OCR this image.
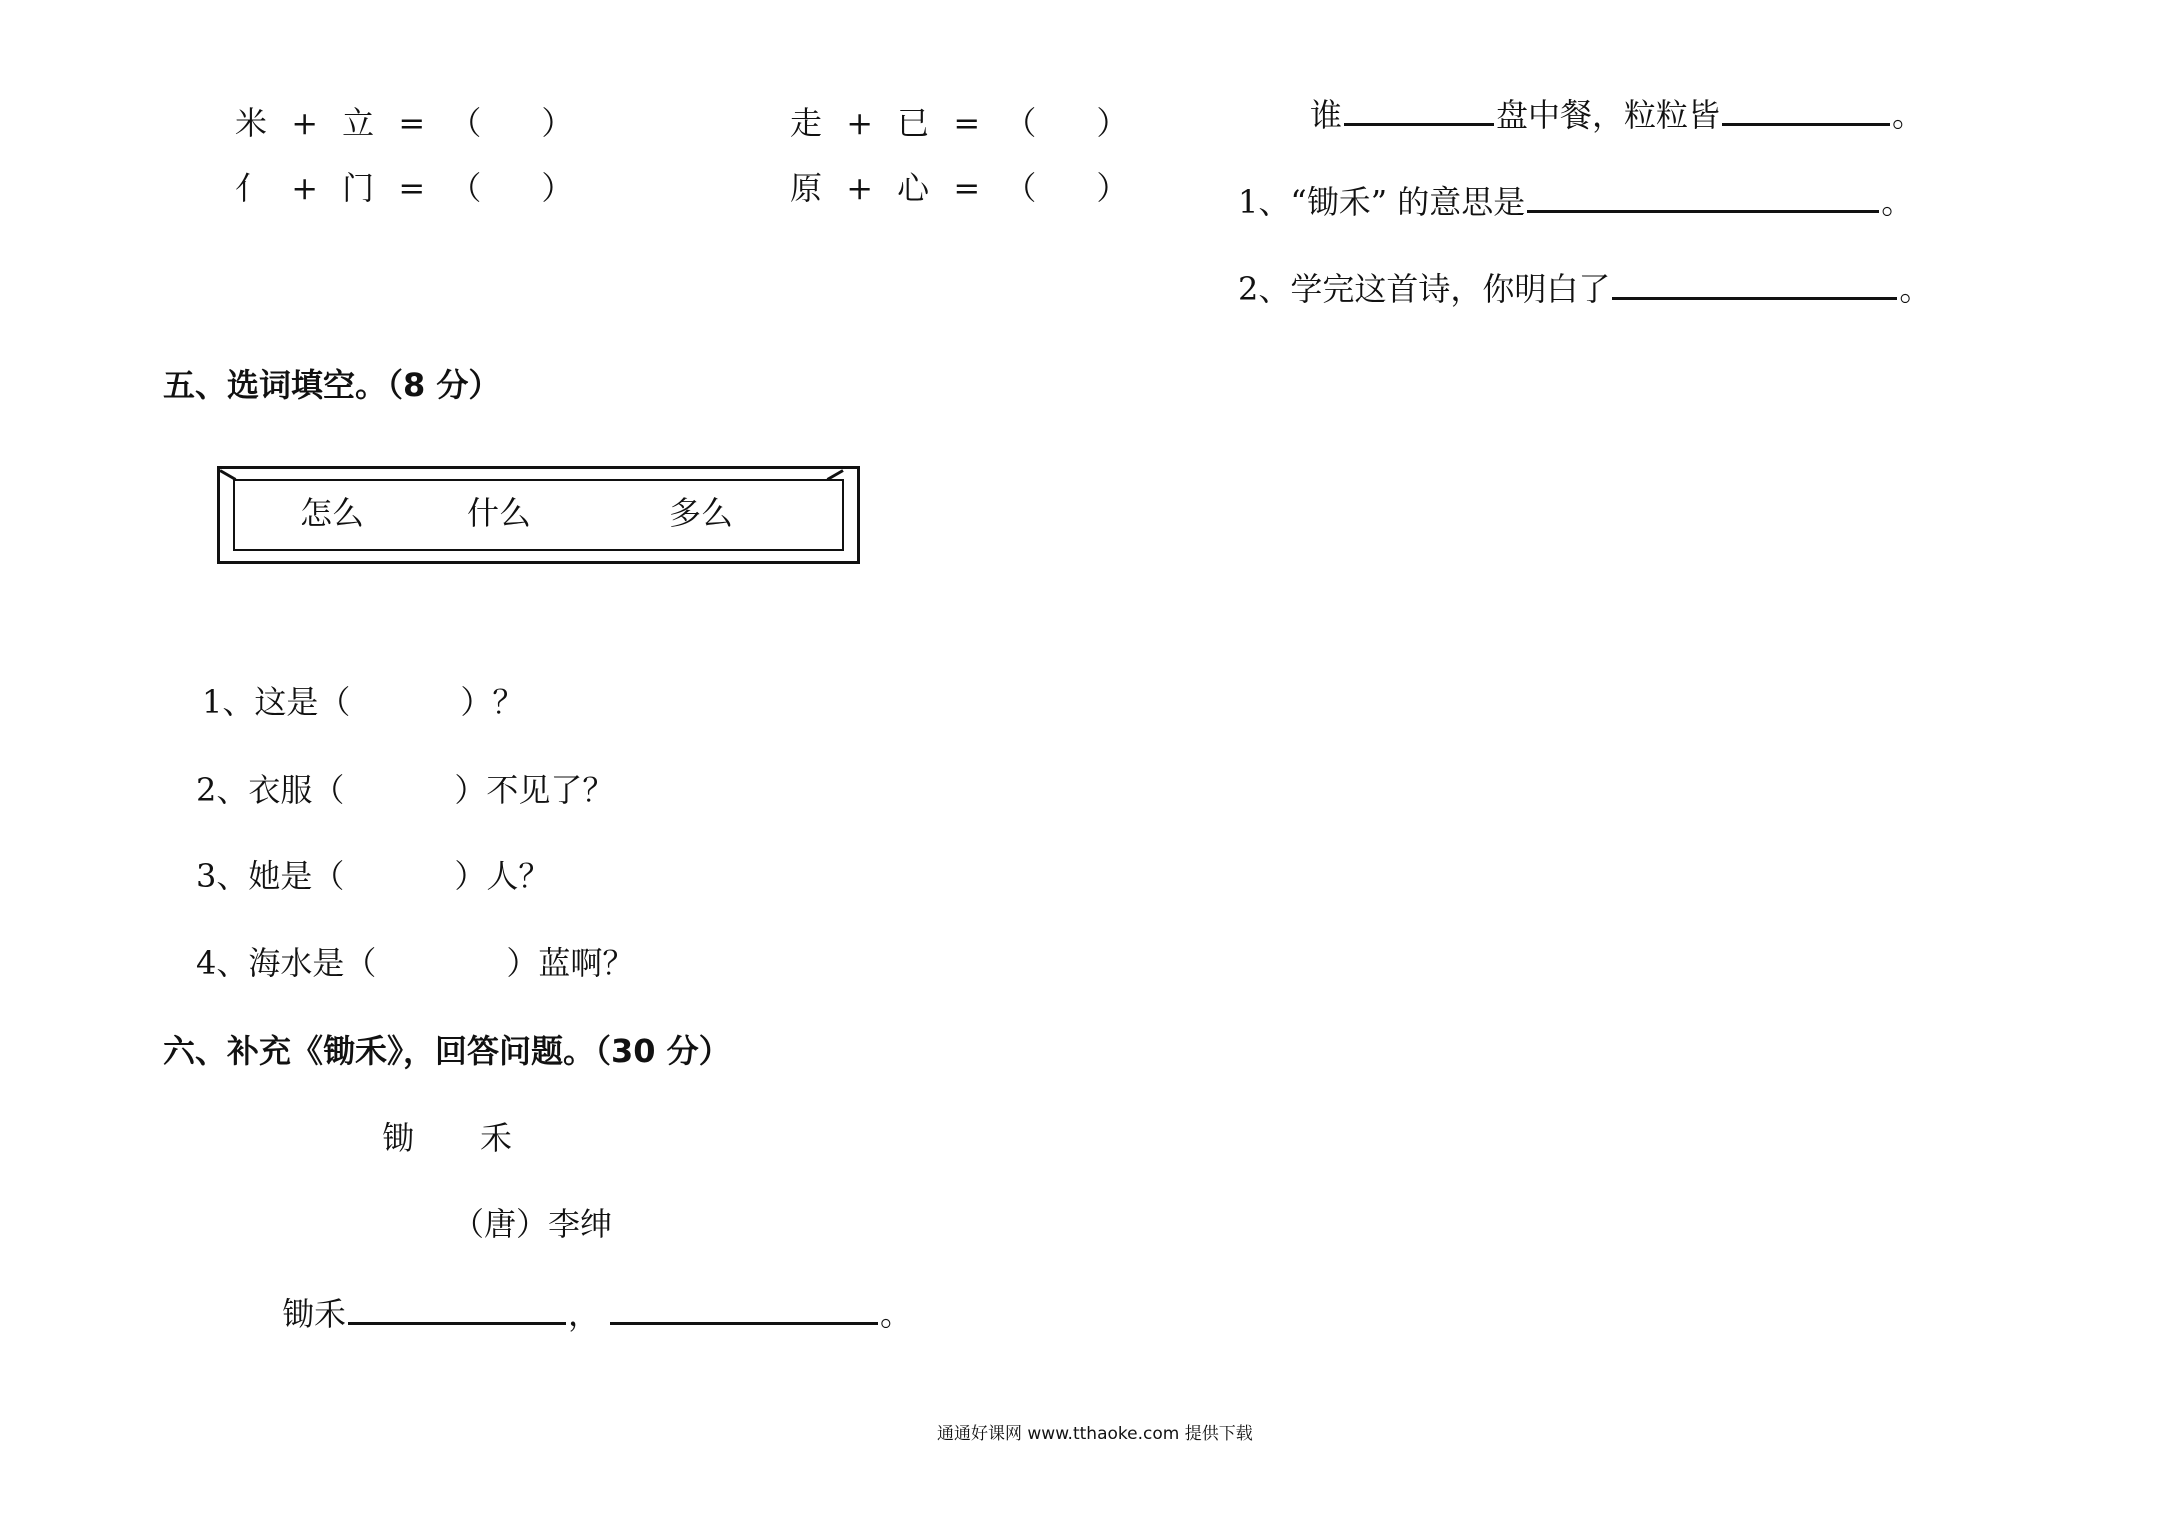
米 + 立 = （ ）	走 + 已 = （ ）
亻 + 门 = （ ）	原 + 心 = （ ）
谁	盘中餐，粒粒皆	。
1、“锄禾” 的意思是	。
2、学完这首诗，你明白了	。
五、选词填空。（8 分）
怎么	什么	多么
1、这是（	）？
2、衣服（	）不见了？
3、她是（	）人？
4、海水是（	）蓝啊？
六、补充《锄禾》，回答问题。（30 分）
锄 禾
（唐）李绅
锄禾	，	。
通通好课网 www.tthaoke.com 提供下载
